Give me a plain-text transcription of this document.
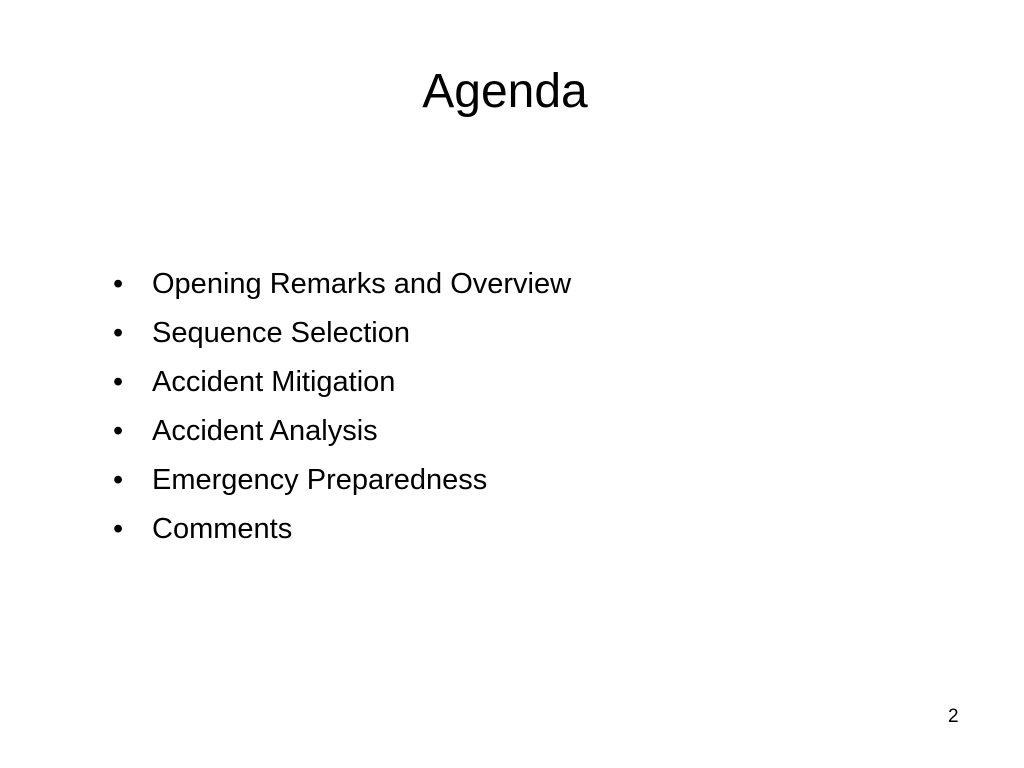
Agenda
• Opening Remarks and Overview
• Sequence Selection
• Accident Mitigation
• Accident Analysis
• Emergency Preparedness
• Comments
2
